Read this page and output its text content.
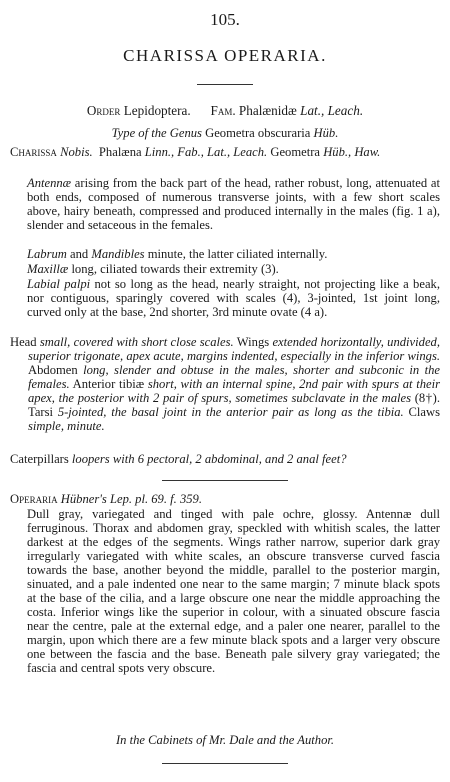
105.
CHARISSA OPERARIA.
Order Lepidoptera. Fam. Phalænidæ Lat., Leach.
Type of the Genus Geometra obscuraria Hüb.

Charissa Nobis. Phalæna Linn., Fab., Lat., Leach. Geometra Hüb., Haw.

Antennæ arising from the back part of the head, rather robust, long, attenuated at both ends, composed of numerous transverse joints, with a few short scales above, hairy beneath, compressed and produced internally in the males (fig. 1 a), slender and setaceous in the females.

Labrum and Mandibles minute, the latter ciliated internally.

Maxillæ long, ciliated towards their extremity (3).

Labial palpi not so long as the head, nearly straight, not projecting like a beak, nor contiguous, sparingly covered with scales (4), 3-jointed, 1st joint long, curved only at the base, 2nd shorter, 3rd minute ovate (4 a).

Head small, covered with short close scales. Wings extended horizontally, undivided, superior trigonate, apex acute, margins indented, especially in the inferior wings. Abdomen long, slender and obtuse in the males, shorter and subconic in the females. Anterior tibiæ short, with an internal spine, 2nd pair with spurs at their apex, the posterior with 2 pair of spurs, sometimes subclavate in the males (8†). Tarsi 5-jointed, the basal joint in the anterior pair as long as the tibia. Claws simple, minute.

Caterpillars loopers with 6 pectoral, 2 abdominal, and 2 anal feet?

Operaria Hübner's Lep. pl. 69. f. 359.

Dull gray, variegated and tinged with pale ochre, glossy. Antennæ dull ferruginous. Thorax and abdomen gray, speckled with whitish scales, the latter darkest at the edges of the segments. Wings rather narrow, superior dark gray irregularly variegated with white scales, an obscure transverse curved fascia towards the base, another beyond the middle, parallel to the posterior margin, sinuated, and a pale indented one near to the same margin; 7 minute black spots at the base of the cilia, and a large obscure one near the middle approaching the costa. Inferior wings like the superior in colour, with a sinuated obscure fascia near the centre, pale at the external edge, and a paler one nearer, parallel to the margin, upon which there are a few minute black spots and a larger very obscure one between the fascia and the base. Beneath pale silvery gray variegated; the fascia and central spots very obscure.

In the Cabinets of Mr. Dale and the Author.
